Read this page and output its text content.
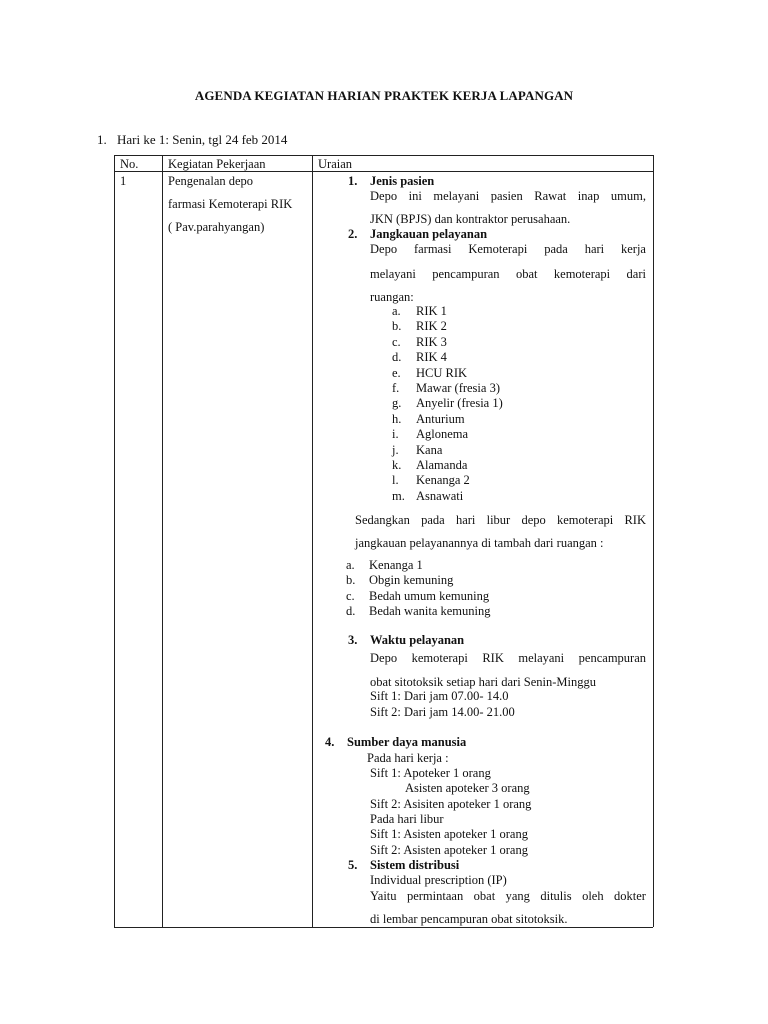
AGENDA KEGIATAN HARIAN PRAKTEK KERJA LAPANGAN
1. Hari ke 1: Senin, tgl 24 feb 2014
No. Kegiatan Pekerjaan	Uraian
1	Pengenalan depo
farmasi Kemoterapi RIK
( Pav.parahyangan)
1. Jenis pasien
Depo ini melayani pasien Rawat inap umum,
JKN (BPJS) dan kontraktor perusahaan.
2. Jangkauan pelayanan
Depo farmasi Kemoterapi pada hari kerja
melayani pencampuran obat kemoterapi dari
ruangan:
a. RIK 1
b. RIK 2
c. RIK 3
d. RIK 4
e. HCU RIK
f. Mawar (fresia 3)
g. Anyelir (fresia 1)
h. Anturium
i. Aglonema
j. Kana
k. Alamanda
l. Kenanga 2
m. Asnawati
Sedangkan pada hari libur depo kemoterapi RIK
jangkauan pelayanannya di tambah dari ruangan :
a. Kenanga 1
b. Obgin kemuning
c. Bedah umum kemuning
d. Bedah wanita kemuning
3. Waktu pelayanan
Depo kemoterapi RIK melayani pencampuran
obat sitotoksik setiap hari dari Senin-Minggu
Sift 1: Dari jam 07.00- 14.0
Sift 2: Dari jam 14.00- 21.00
4. Sumber daya manusia
Pada hari kerja :
Sift 1: Apoteker 1 orang
Asisten apoteker 3 orang
Sift 2: Asisiten apoteker 1 orang
Pada hari libur
Sift 1: Asisten apoteker 1 orang
Sift 2: Asisten apoteker 1 orang
5. Sistem distribusi
Individual prescription (IP)
Yaitu permintaan obat yang ditulis oleh dokter
di lembar pencampuran obat sitotoksik.
